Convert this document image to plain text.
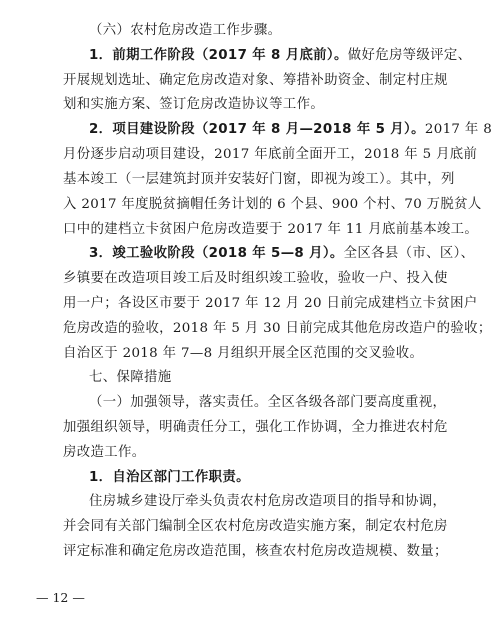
（六）农村危房改造工作步骤。
1．前期工作阶段（2017 年 8 月底前）。做好危房等级评定、
开展规划选址、确定危房改造对象、筹措补助资金、制定村庄规
划和实施方案、签订危房改造协议等工作。
2．项目建设阶段（2017 年 8 月—2018 年 5 月）。2017 年 8
月份逐步启动项目建设，2017 年底前全面开工，2018 年 5 月底前
基本竣工（一层建筑封顶并安装好门窗，即视为竣工）。其中，列
入 2017 年度脱贫摘帽任务计划的 6 个县、900 个村、70 万脱贫人
口中的建档立卡贫困户危房改造要于 2017 年 11 月底前基本竣工。
3．竣工验收阶段（2018 年 5—8 月）。全区各县（市、区）、
乡镇要在改造项目竣工后及时组织竣工验收，验收一户、投入使
用一户；各设区市要于 2017 年 12 月 20 日前完成建档立卡贫困户
危房改造的验收，2018 年 5 月 30 日前完成其他危房改造户的验收；
自治区于 2018 年 7—8 月组织开展全区范围的交叉验收。
七、保障措施
（一）加强领导，落实责任。全区各级各部门要高度重视，
加强组织领导，明确责任分工，强化工作协调，全力推进农村危
房改造工作。
1．自治区部门工作职责。
住房城乡建设厅牵头负责农村危房改造项目的指导和协调，
并会同有关部门编制全区农村危房改造实施方案，制定农村危房
评定标准和确定危房改造范围，核查农村危房改造规模、数量；
— 12 —
